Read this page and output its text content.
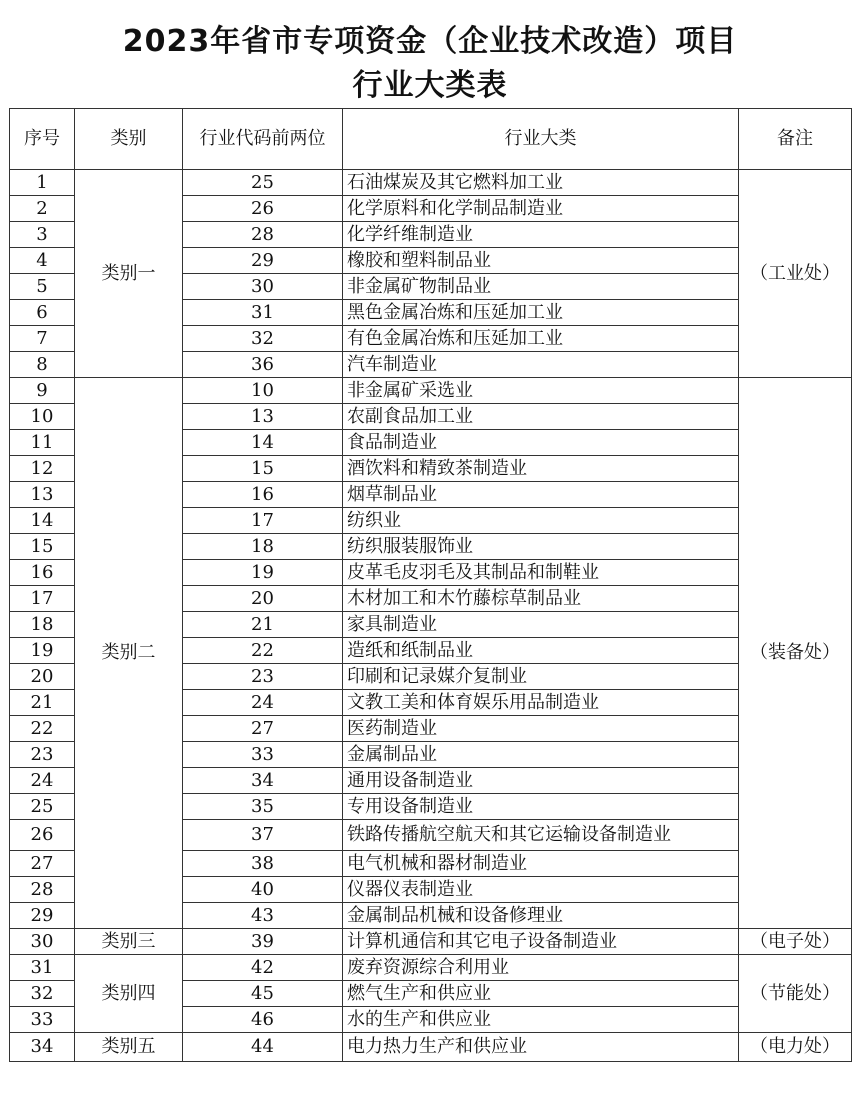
2023年省市专项资金（企业技术改造）项目
行业大类表
序号	类别	行业代码前两位	行业大类	备注
1	类别一	25	石油煤炭及其它燃料加工业	（工业处）
2		26	化学原料和化学制品制造业	
3		28	化学纤维制造业	
4		29	橡胶和塑料制品业	
5		30	非金属矿物制品业	
6		31	黑色金属冶炼和压延加工业	
7		32	有色金属冶炼和压延加工业	
8		36	汽车制造业	
9	类别二	10	非金属矿采选业	（装备处）
10		13	农副食品加工业	
11		14	食品制造业	
12		15	酒饮料和精致茶制造业	
13		16	烟草制品业	
14		17	纺织业	
15		18	纺织服装服饰业	
16		19	皮革毛皮羽毛及其制品和制鞋业	
17		20	木材加工和木竹藤棕草制品业	
18		21	家具制造业	
19		22	造纸和纸制品业	
20		23	印刷和记录媒介复制业	
21		24	文教工美和体育娱乐用品制造业	
22		27	医药制造业	
23		33	金属制品业	
24		34	通用设备制造业	
25		35	专用设备制造业	
26		37	铁路传播航空航天和其它运输设备制造业	
27		38	电气机械和器材制造业	
28		40	仪器仪表制造业	
29		43	金属制品机械和设备修理业	
30	类别三	39	计算机通信和其它电子设备制造业	（电子处）
31	类别四	42	废弃资源综合利用业	（节能处）
32		45	燃气生产和供应业	
33		46	水的生产和供应业	
34	类别五	44	电力热力生产和供应业	（电力处）
